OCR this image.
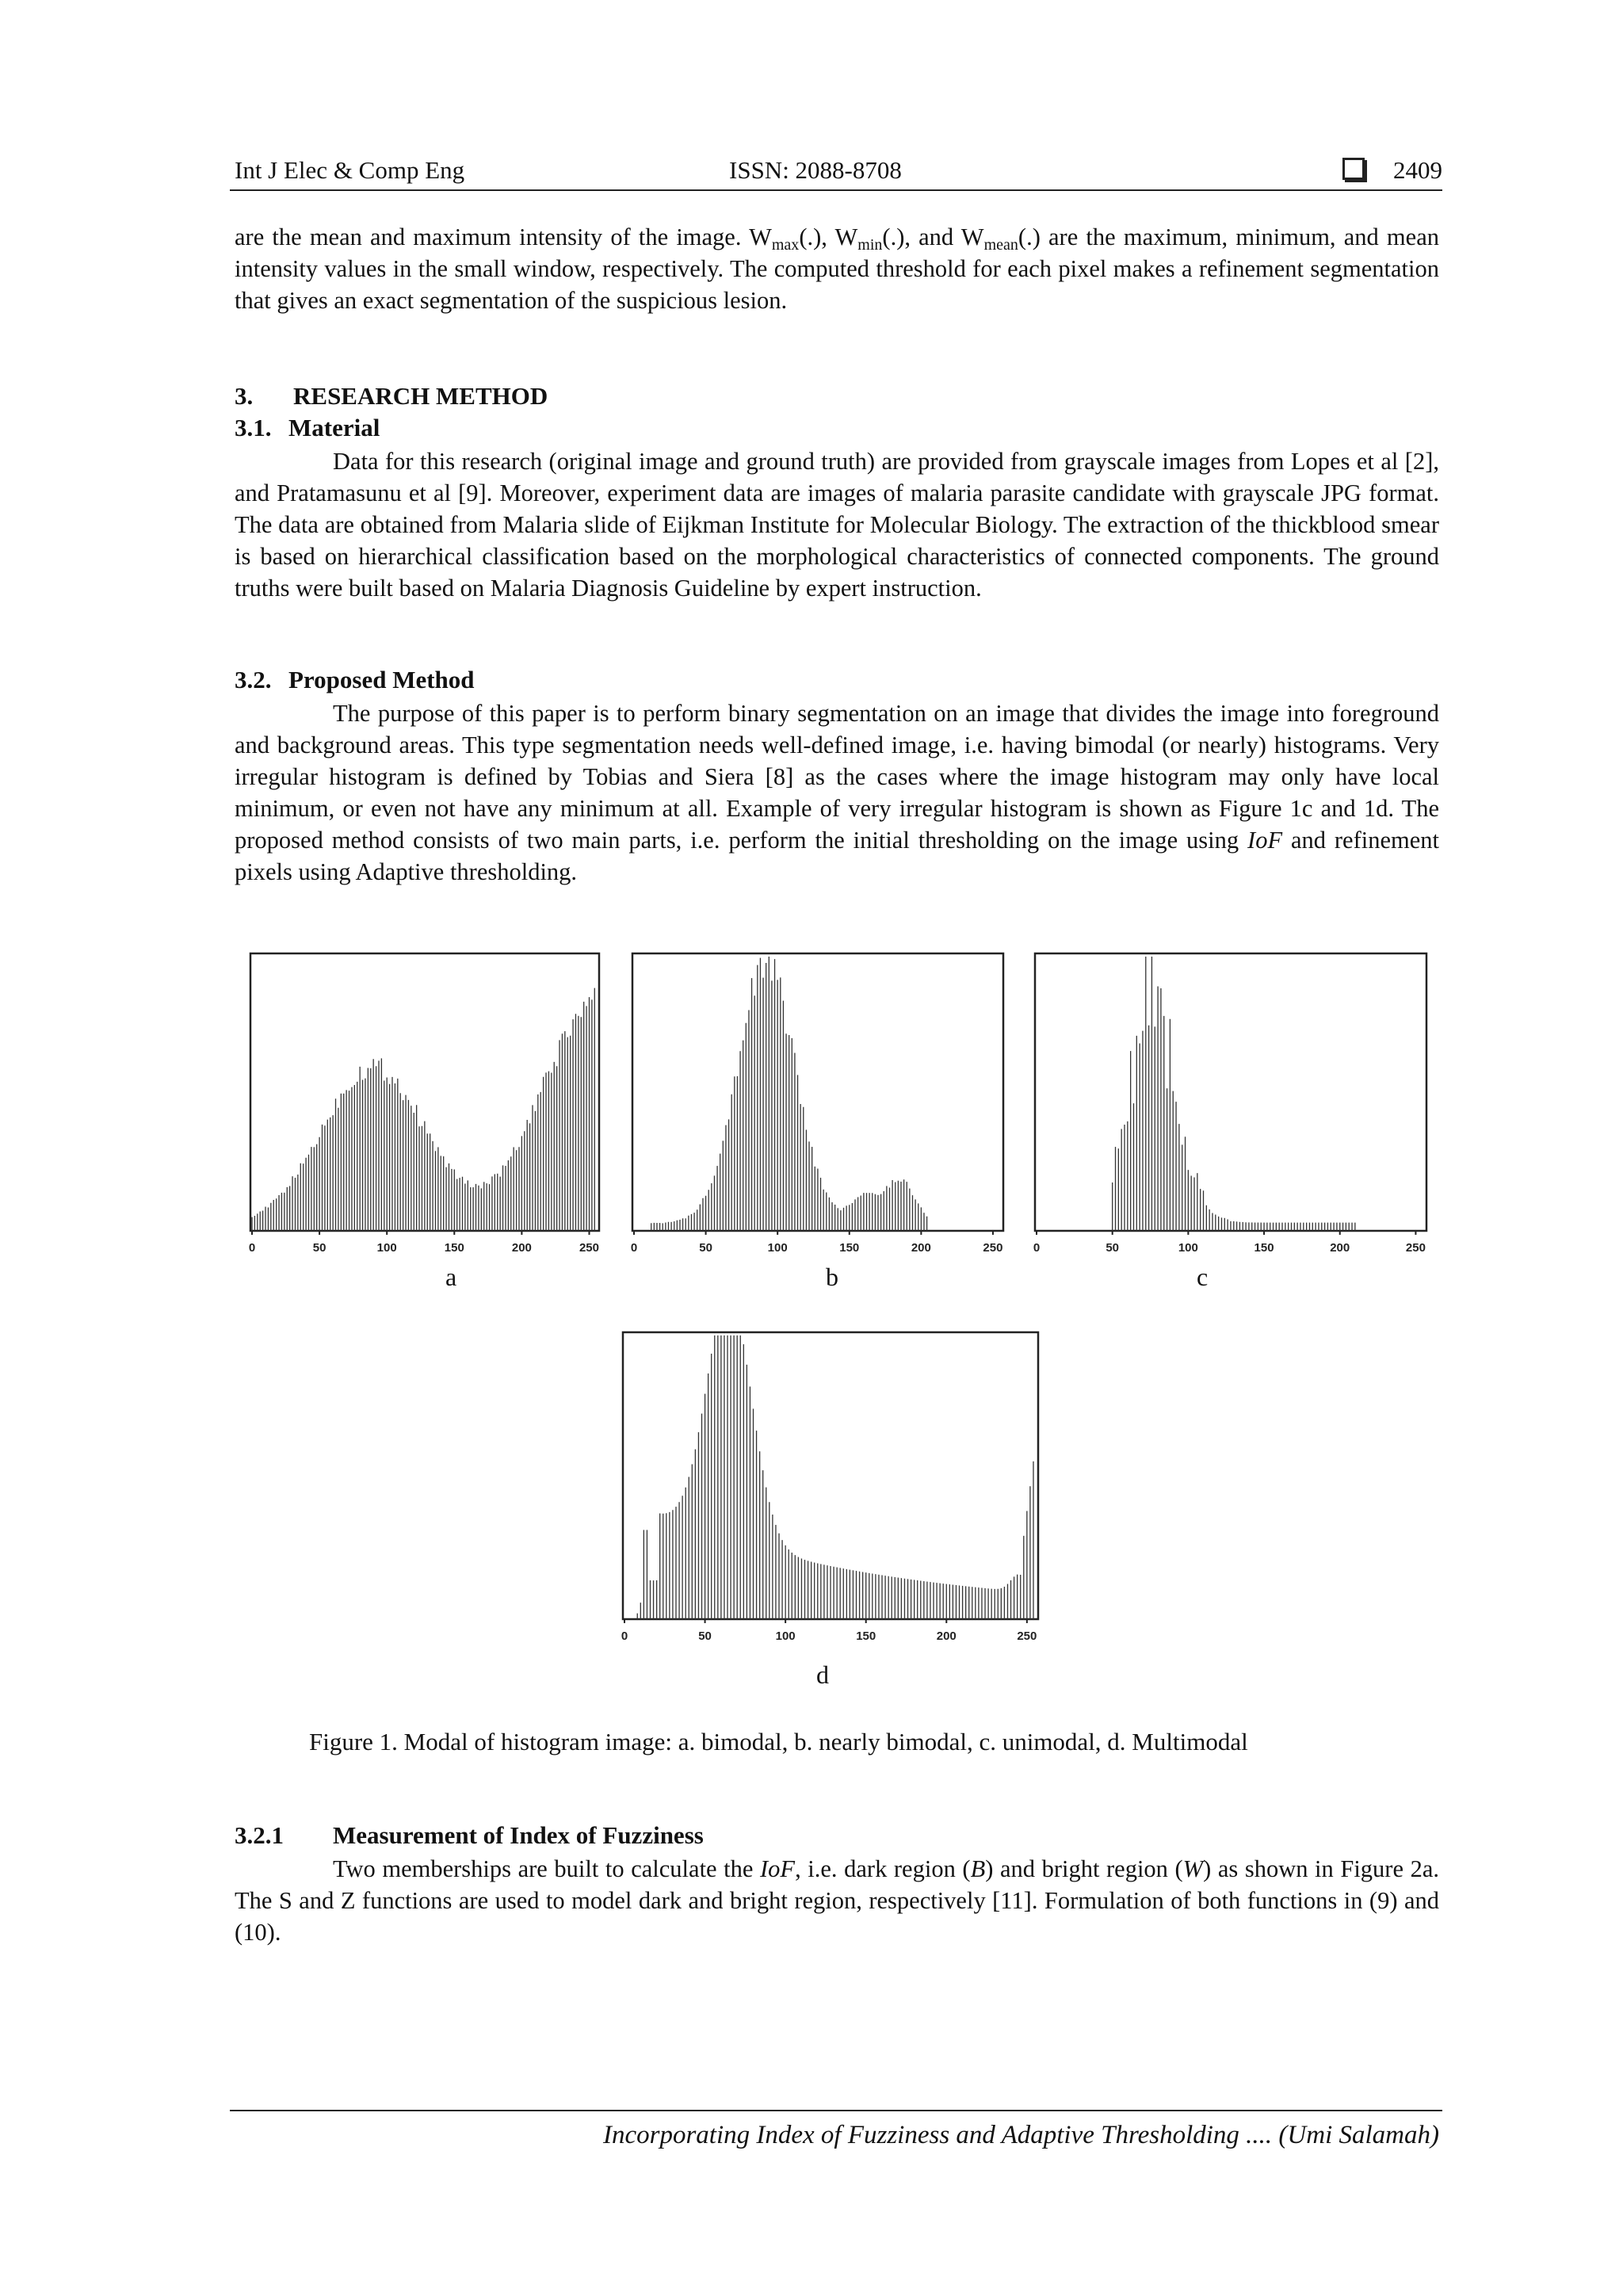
Int J Elec & Comp Eng	ISSN: 2088-8708	2409

are the mean and maximum intensity of the image. $W_{max}(.)$, $W_{min}(.)$, and $W_{mean}(.)$ are the maximum, minimum, and mean intensity values in the small window, respectively. The computed threshold for each pixel makes a refinement segmentation that gives an exact segmentation of the suspicious lesion.

3. RESEARCH METHOD
3.1. Material

Data for this research (original image and ground truth) are provided from grayscale images from Lopes et al [2], and Pratamasunu et al [9]. Moreover, experiment data are images of malaria parasite candidate with grayscale JPG format. The data are obtained from Malaria slide of Eijkman Institute for Molecular Biology. The extraction of the thickblood smear is based on hierarchical classification based on the morphological characteristics of connected components. The ground truths were built based on Malaria Diagnosis Guideline by expert instruction.

3.2. Proposed Method

The purpose of this paper is to perform binary segmentation on an image that divides the image into foreground and background areas. This type segmentation needs well-defined image, i.e. having bimodal (or nearly) histograms. Very irregular histogram is defined by Tobias and Siera [8] as the cases where the image histogram may only have local minimum, or even not have any minimum at all. Example of very irregular histogram is shown as Figure 1c and 1d. The proposed method consists of two main parts, i.e. perform the initial thresholding on the image using IoF and refinement pixels using Adaptive thresholding.

0	50	100	150	200	250	0	50	100	150	200	250	0	50	100	150	200	250
0	50	100	150	200	250
a	b	c
d
Figure 1. Modal of histogram image: a. bimodal, b. nearly bimodal, c. unimodal, d. Multimodal
3.2.1 Measurement of Index of Fuzziness

Two memberships are built to calculate the IoF, i.e. dark region (B) and bright region (W) as shown in Figure 2a. The S and Z functions are used to model dark and bright region, respectively [11]. Formulation of both functions in (9) and (10).

Incorporating Index of Fuzziness and Adaptive Thresholding .... (Umi Salamah)
